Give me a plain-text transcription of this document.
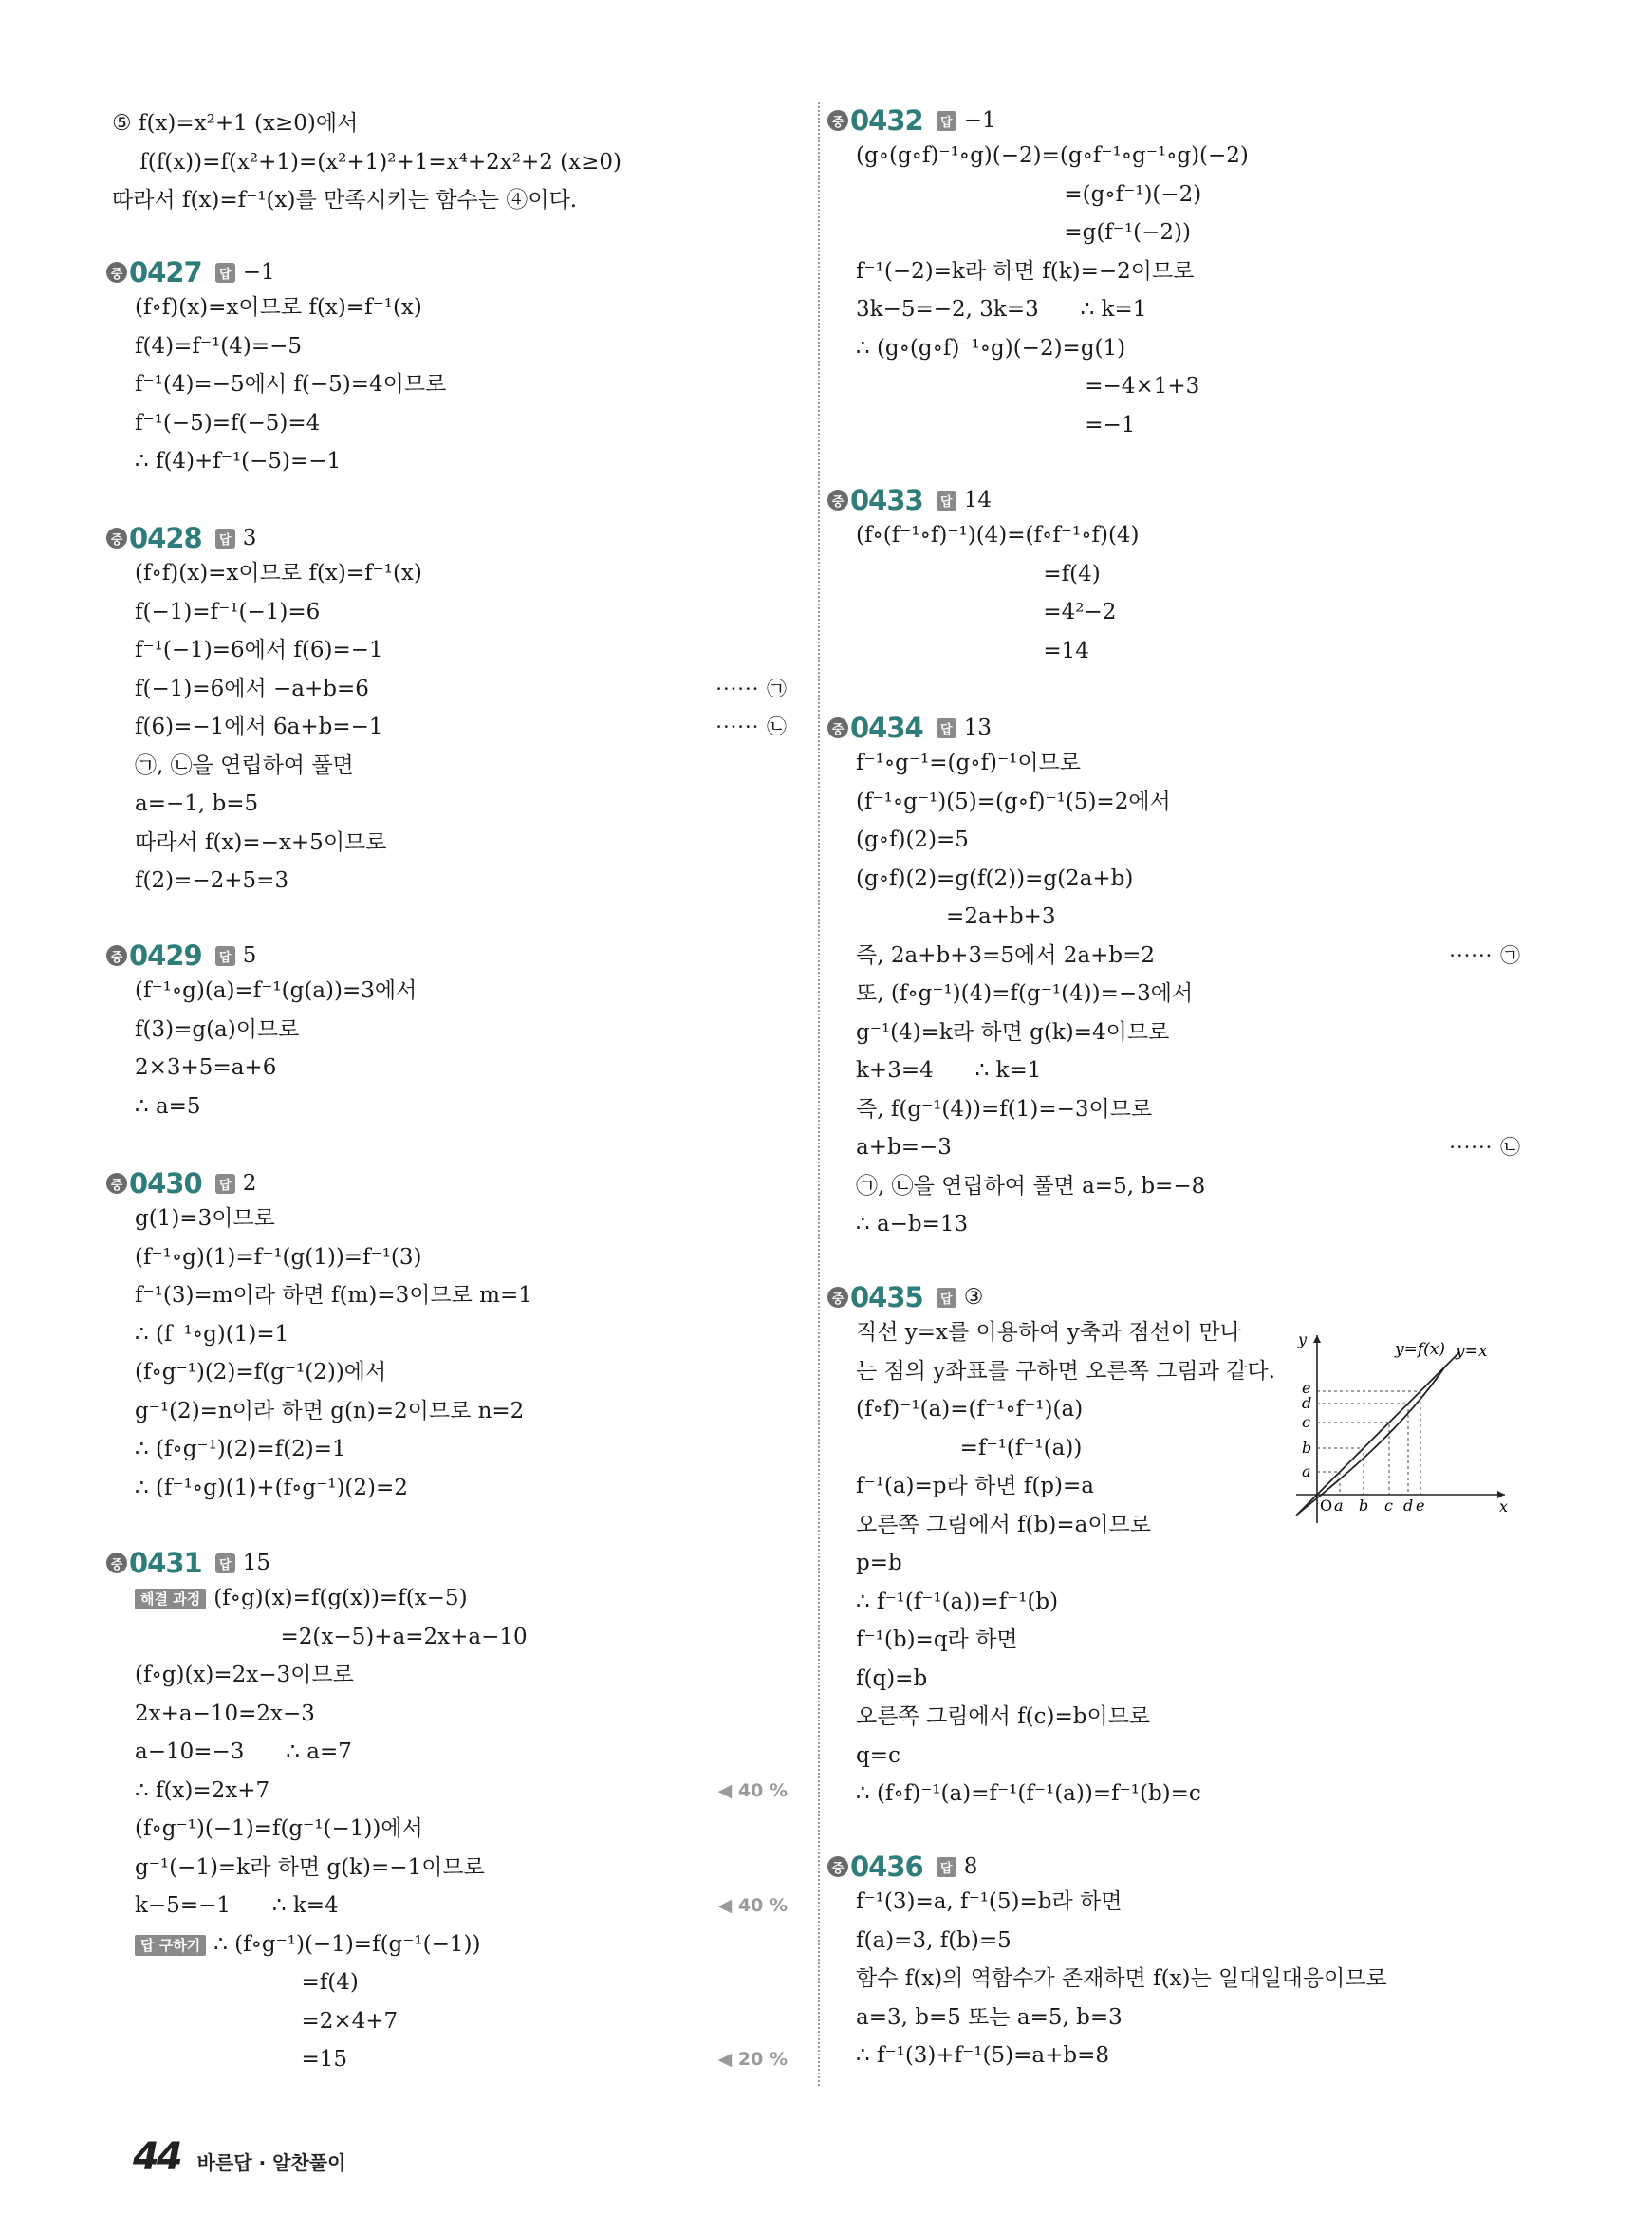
⑤ f(x)=x²+1 (x≥0)에서
f(f(x))=f(x²+1)=(x²+1)²+1=x⁴+2x²+2 (x≥0)
따라서 f(x)=f⁻¹(x)를 만족시키는 함수는 ④이다.
중 0427	답 −1
(f∘f)(x)=x이므로 f(x)=f⁻¹(x)
f(4)=f⁻¹(4)=−5
f⁻¹(4)=−5에서 f(−5)=4이므로
f⁻¹(−5)=f(−5)=4
∴ f(4)+f⁻¹(−5)=−1
중 0428	답 3
(f∘f)(x)=x이므로 f(x)=f⁻¹(x)
f(−1)=f⁻¹(−1)=6
f⁻¹(−1)=6에서 f(6)=−1
f(−1)=6에서 −a+b=6	······ ㉠
f(6)=−1에서 6a+b=−1	······ ㉡
㉠, ㉡을 연립하여 풀면
a=−1, b=5
따라서 f(x)=−x+5이므로
f(2)=−2+5=3
중 0429	답 5
(f⁻¹∘g)(a)=f⁻¹(g(a))=3에서
f(3)=g(a)이므로
2×3+5=a+6
∴ a=5
중 0430	답 2
g(1)=3이므로
(f⁻¹∘g)(1)=f⁻¹(g(1))=f⁻¹(3)
f⁻¹(3)=m이라 하면 f(m)=3이므로 m=1
∴ (f⁻¹∘g)(1)=1
(f∘g⁻¹)(2)=f(g⁻¹(2))에서
g⁻¹(2)=n이라 하면 g(n)=2이므로 n=2
∴ (f∘g⁻¹)(2)=f(2)=1
∴ (f⁻¹∘g)(1)+(f∘g⁻¹)(2)=2
중 0431	답 15
해결 과정 (f∘g)(x)=f(g(x))=f(x−5)
=2(x−5)+a=2x+a−10
(f∘g)(x)=2x−3이므로
2x+a−10=2x−3
a−10=−3      ∴ a=7
∴ f(x)=2x+7	◀ 40 %
(f∘g⁻¹)(−1)=f(g⁻¹(−1))에서
g⁻¹(−1)=k라 하면 g(k)=−1이므로
k−5=−1      ∴ k=4	◀ 40 %
답 구하기 ∴ (f∘g⁻¹)(−1)=f(g⁻¹(−1))
=f(4)
=2×4+7
=15	◀ 20 %
중 0432	답 −1
(g∘(g∘f)⁻¹∘g)(−2)=(g∘f⁻¹∘g⁻¹∘g)(−2)
=(g∘f⁻¹)(−2)
=g(f⁻¹(−2))
f⁻¹(−2)=k라 하면 f(k)=−2이므로
3k−5=−2, 3k=3      ∴ k=1
∴ (g∘(g∘f)⁻¹∘g)(−2)=g(1)
=−4×1+3
=−1
중 0433	답 14
(f∘(f⁻¹∘f)⁻¹)(4)=(f∘f⁻¹∘f)(4)
=f(4)
=4²−2
=14
중 0434	답 13
f⁻¹∘g⁻¹=(g∘f)⁻¹이므로
(f⁻¹∘g⁻¹)(5)=(g∘f)⁻¹(5)=2에서
(g∘f)(2)=5
(g∘f)(2)=g(f(2))=g(2a+b)
=2a+b+3
즉, 2a+b+3=5에서 2a+b=2	······ ㉠
또, (f∘g⁻¹)(4)=f(g⁻¹(4))=−3에서
g⁻¹(4)=k라 하면 g(k)=4이므로
k+3=4      ∴ k=1
즉, f(g⁻¹(4))=f(1)=−3이므로
a+b=−3	······ ㉡
㉠, ㉡을 연립하여 풀면 a=5, b=−8
∴ a−b=13
중 0435	답 ③
직선 y=x를 이용하여 y축과 점선이 만나
는 점의 y좌표를 구하면 오른쪽 그림과 같다.
(f∘f)⁻¹(a)=(f⁻¹∘f⁻¹)(a)
=f⁻¹(f⁻¹(a))
f⁻¹(a)=p라 하면 f(p)=a
오른쪽 그림에서 f(b)=a이므로
p=b
∴ f⁻¹(f⁻¹(a))=f⁻¹(b)
f⁻¹(b)=q라 하면
f(q)=b
오른쪽 그림에서 f(c)=b이므로
q=c
∴ (f∘f)⁻¹(a)=f⁻¹(f⁻¹(a))=f⁻¹(b)=c
중 0436	답 8
f⁻¹(3)=a, f⁻¹(5)=b라 하면
f(a)=3, f(b)=5
함수 f(x)의 역함수가 존재하면 f(x)는 일대일대응이므로
a=3, b=5 또는 a=5, b=3
∴ f⁻¹(3)+f⁻¹(5)=a+b=8
y=f(x) y=x
x
y
O a b c d e
a
b
c
d
e
44 바른답 · 알찬풀이
